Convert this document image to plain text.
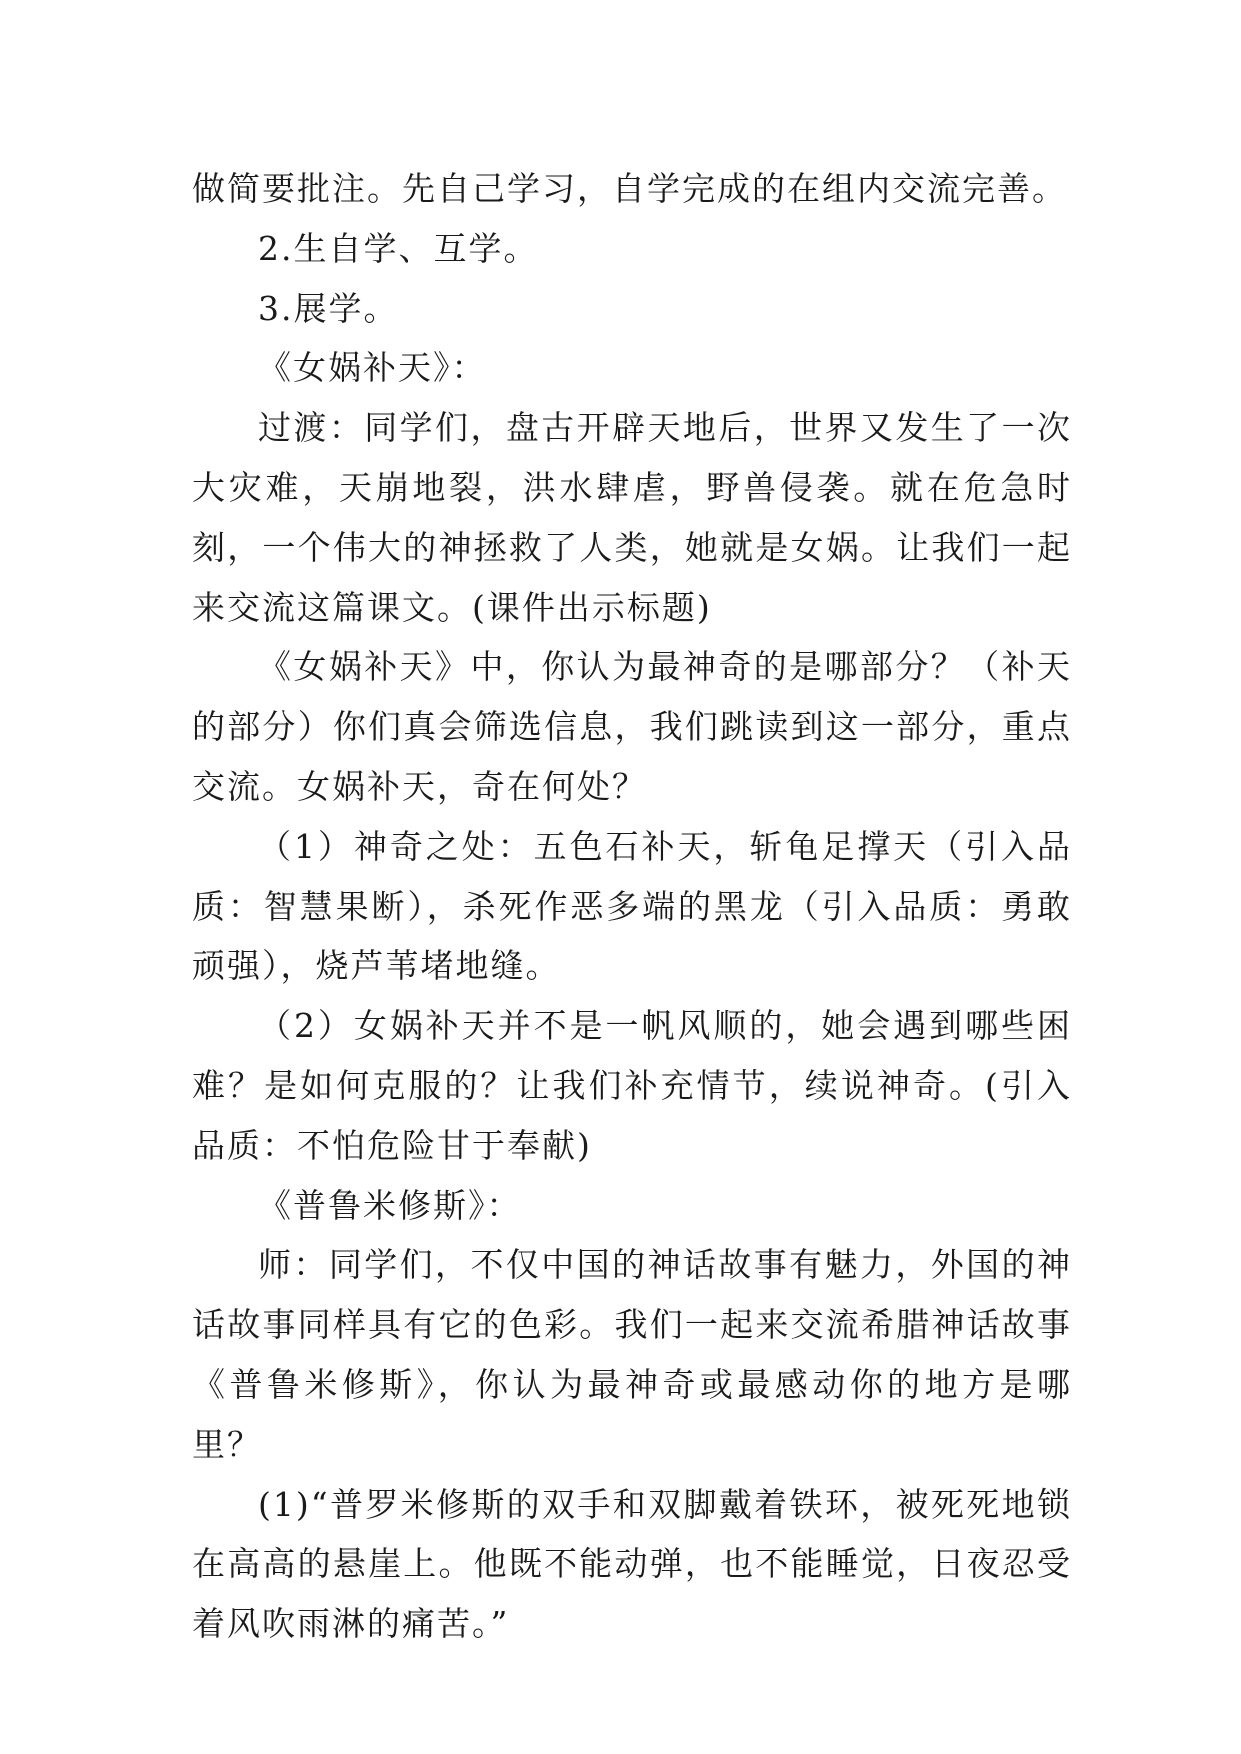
做简要批注。先自己学习，自学完成的在组内交流完善。

2.生自学、互学。

3.展学。

《女娲补天》：

过渡：同学们，盘古开辟天地后，世界又发生了一次大灾难，天崩地裂，洪水肆虐，野兽侵袭。就在危急时刻，一个伟大的神拯救了人类，她就是女娲。让我们一起来交流这篇课文。(课件出示标题)

《女娲补天》中，你认为最神奇的是哪部分？（补天的部分）你们真会筛选信息，我们跳读到这一部分，重点交流。女娲补天，奇在何处？

（1）神奇之处：五色石补天，斩龟足撑天（引入品质：智慧果断），杀死作恶多端的黑龙（引入品质：勇敢顽强），烧芦苇堵地缝。

（2）女娲补天并不是一帆风顺的，她会遇到哪些困难？是如何克服的？让我们补充情节，续说神奇。(引入品质：不怕危险甘于奉献)

《普鲁米修斯》：

师：同学们，不仅中国的神话故事有魅力，外国的神话故事同样具有它的色彩。我们一起来交流希腊神话故事《普鲁米修斯》，你认为最神奇或最感动你的地方是哪里？

(1)“普罗米修斯的双手和双脚戴着铁环，被死死地锁在高高的悬崖上。他既不能动弹，也不能睡觉，日夜忍受着风吹雨淋的痛苦。”
